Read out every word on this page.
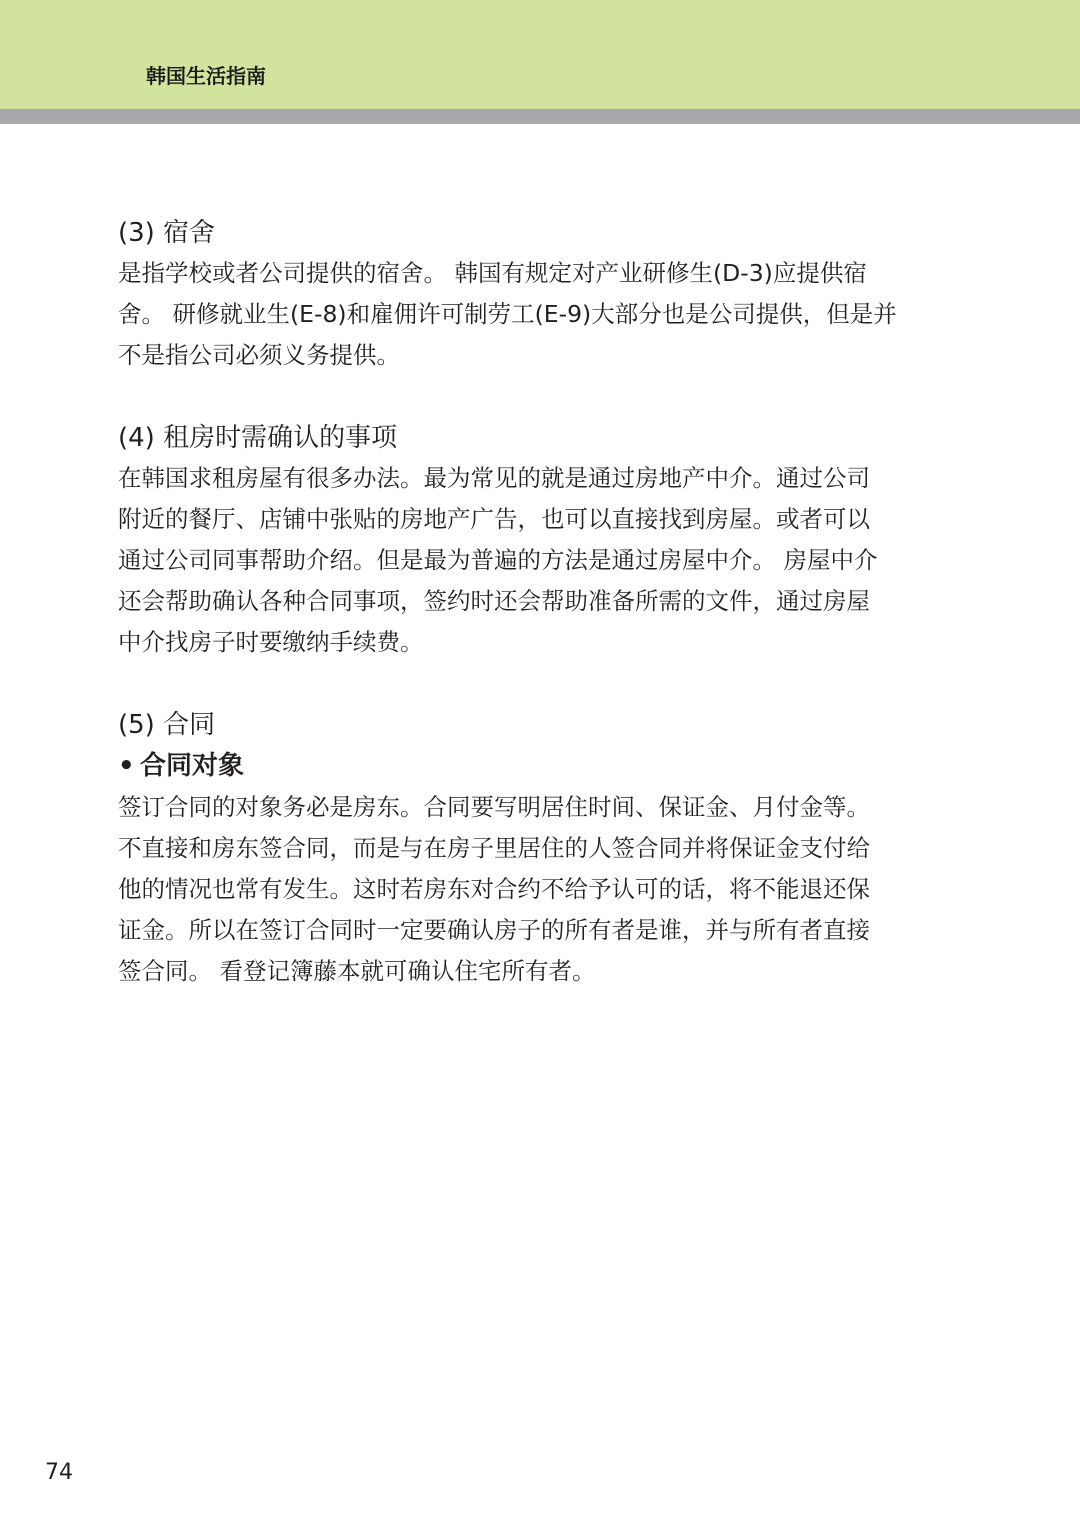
韩国生活指南
(3) 宿舍

是指学校或者公司提供的宿舍。 韩国有规定对产业研修生(D-3)应提供宿
舍。 研修就业生(E-8)和雇佣许可制劳工(E-9)大部分也是公司提供，但是并
不是指公司必须义务提供。

(4) 租房时需确认的事项

在韩国求租房屋有很多办法。最为常见的就是通过房地产中介。通过公司
附近的餐厅、店铺中张贴的房地产广告，也可以直接找到房屋。或者可以
通过公司同事帮助介绍。但是最为普遍的方法是通过房屋中介。 房屋中介
还会帮助确认各种合同事项，签约时还会帮助准备所需的文件，通过房屋
中介找房子时要缴纳手续费。

(5) 合同
• 合同对象

签订合同的对象务必是房东。合同要写明居住时间、保证金、月付金等。
不直接和房东签合同，而是与在房子里居住的人签合同并将保证金支付给
他的情况也常有发生。这时若房东对合约不给予认可的话，将不能退还保
证金。所以在签订合同时一定要确认房子的所有者是谁，并与所有者直接
签合同。 看登记簿藤本就可确认住宅所有者。

74
